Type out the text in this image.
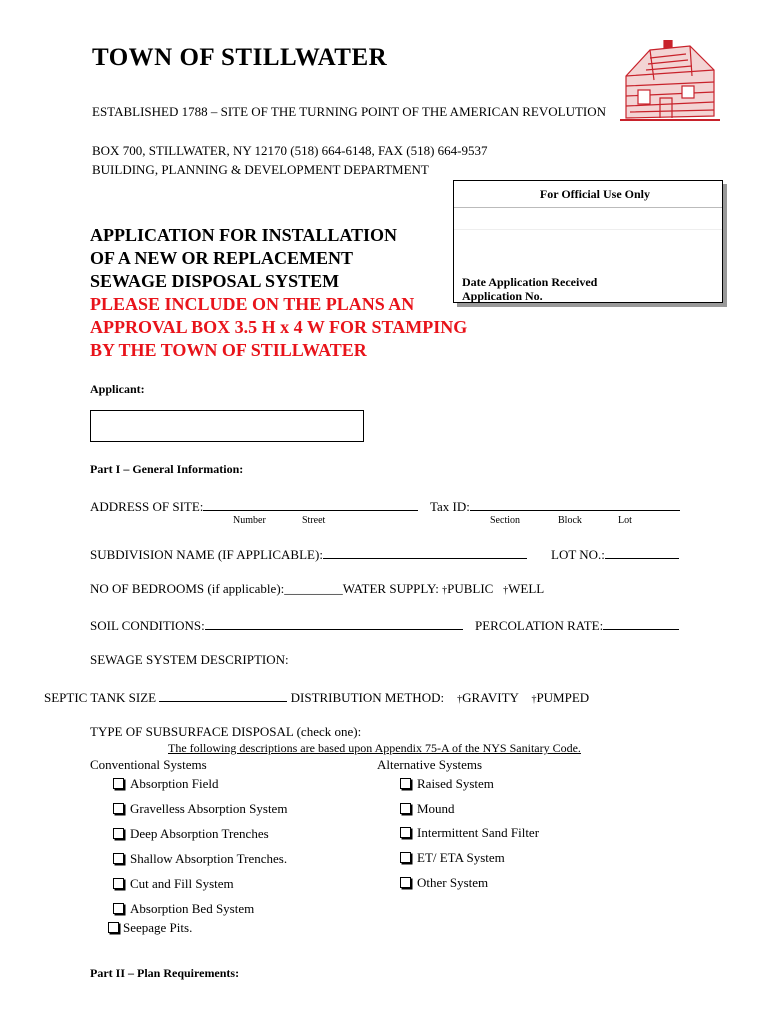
TOWN OF STILLWATER
ESTABLISHED 1788 – SITE OF THE TURNING POINT OF THE AMERICAN REVOLUTION
BOX 700, STILLWATER, NY 12170 (518) 664-6148, FAX (518) 664-9537
BUILDING, PLANNING & DEVELOPMENT DEPARTMENT
For Official Use Only
Date Application Received
Application No.
APPLICATION FOR INSTALLATION
OF A NEW OR REPLACEMENT
SEWAGE DISPOSAL SYSTEM
PLEASE INCLUDE ON THE PLANS AN
APPROVAL BOX 3.5 H x 4 W FOR STAMPING
BY THE TOWN OF STILLWATER
Applicant:
Part I – General Information:
ADDRESS OF SITE:
Number	Street
Tax ID:
Section	Block	Lot
SUBDIVISION NAME (IF APPLICABLE):	LOT NO.:
NO OF BEDROOMS (if applicable):_________WATER SUPPLY: †PUBLIC †WELL
SOIL CONDITIONS:	PERCOLATION RATE:
SEWAGE SYSTEM DESCRIPTION:
SEPTIC TANK SIZE	DISTRIBUTION METHOD: †GRAVITY †PUMPED
TYPE OF SUBSURFACE DISPOSAL (check one):
The following descriptions are based upon Appendix 75-A of the NYS Sanitary Code.
Conventional Systems	Alternative Systems
Absorption Field
Gravelless Absorption System
Deep Absorption Trenches
Shallow Absorption Trenches.
Cut and Fill System
Absorption Bed System
Seepage Pits.
Raised System
Mound
Intermittent Sand Filter
ET/ ETA System
Other System
Part II – Plan Requirements:
